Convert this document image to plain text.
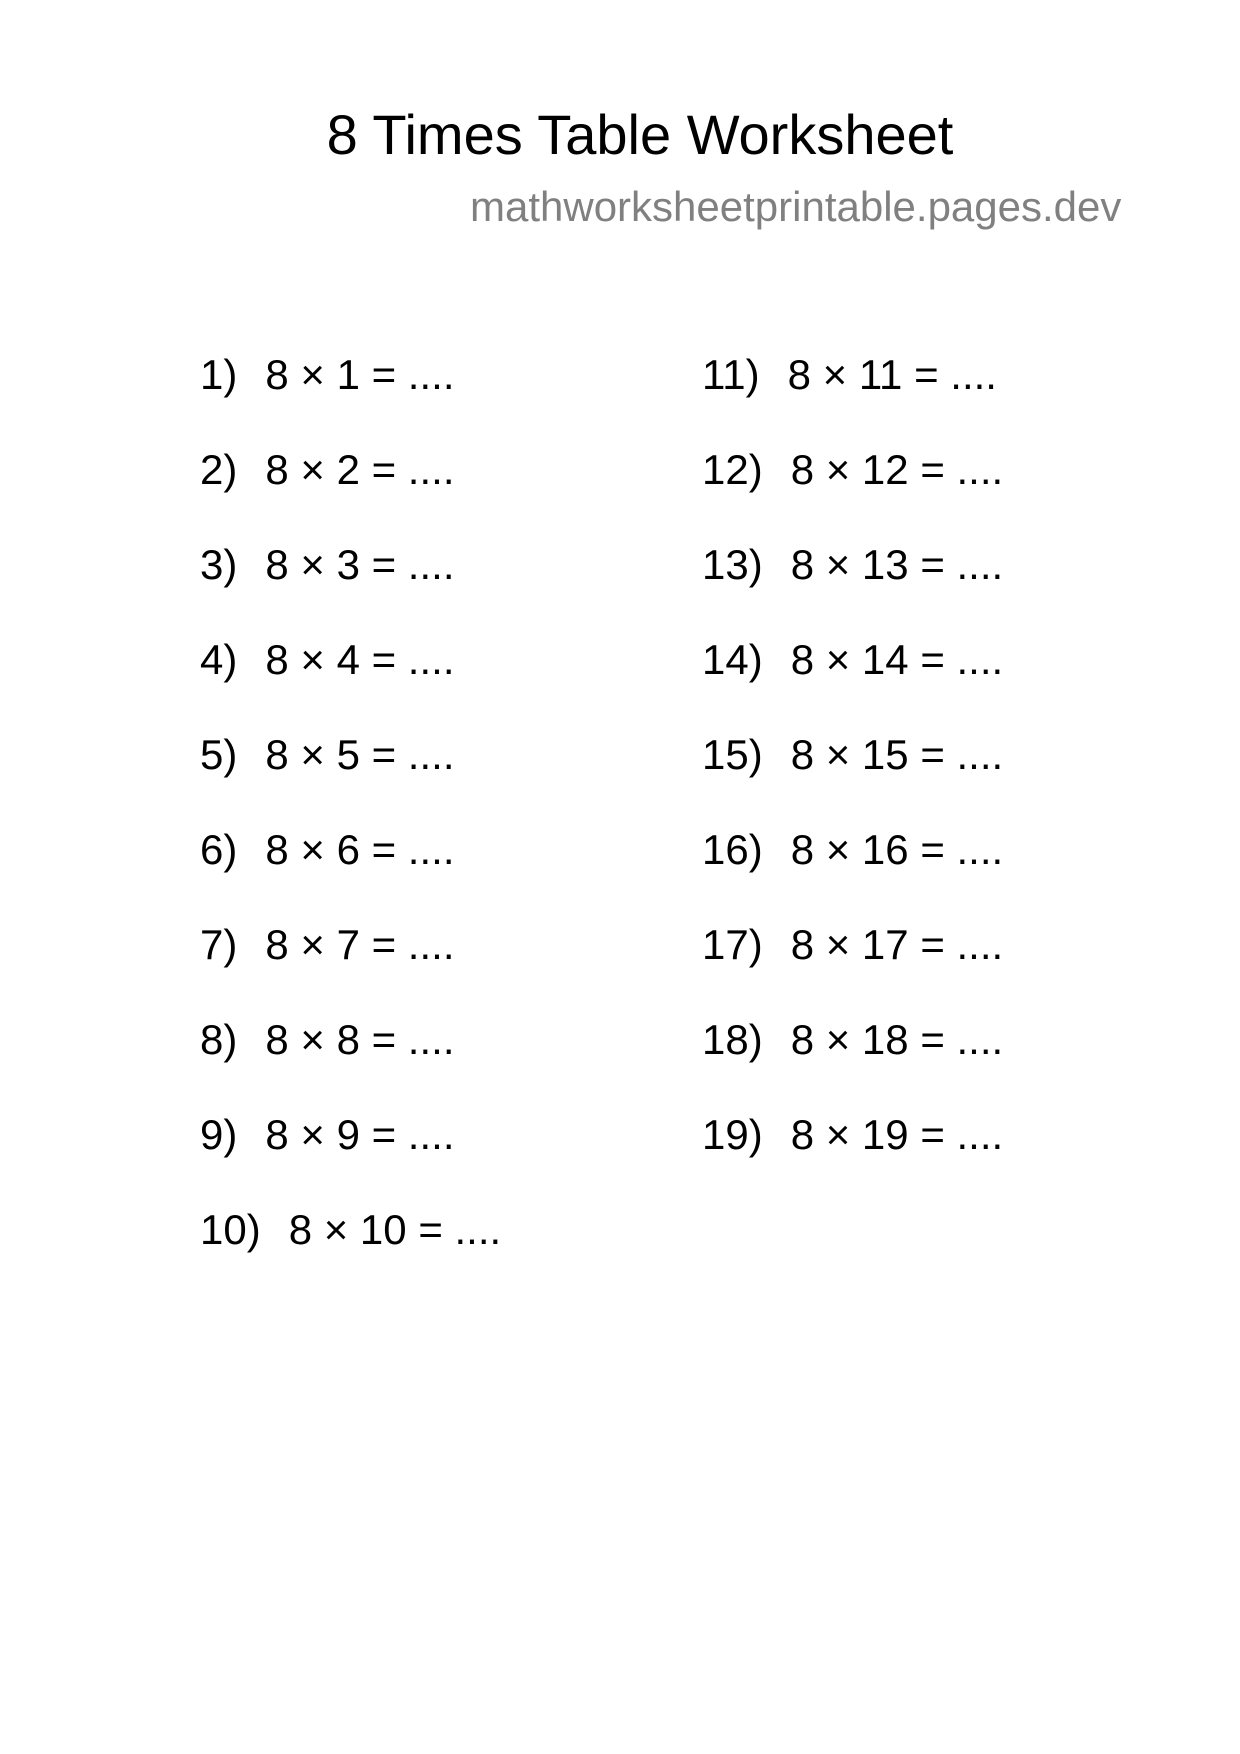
8 Times Table Worksheet
mathworksheetprintable.pages.dev
1) 8 × 1 = ....
2) 8 × 2 = ....
3) 8 × 3 = ....
4) 8 × 4 = ....
5) 8 × 5 = ....
6) 8 × 6 = ....
7) 8 × 7 = ....
8) 8 × 8 = ....
9) 8 × 9 = ....
10) 8 × 10 = ....
11) 8 × 11 = ....
12) 8 × 12 = ....
13) 8 × 13 = ....
14) 8 × 14 = ....
15) 8 × 15 = ....
16) 8 × 16 = ....
17) 8 × 17 = ....
18) 8 × 18 = ....
19) 8 × 19 = ....
